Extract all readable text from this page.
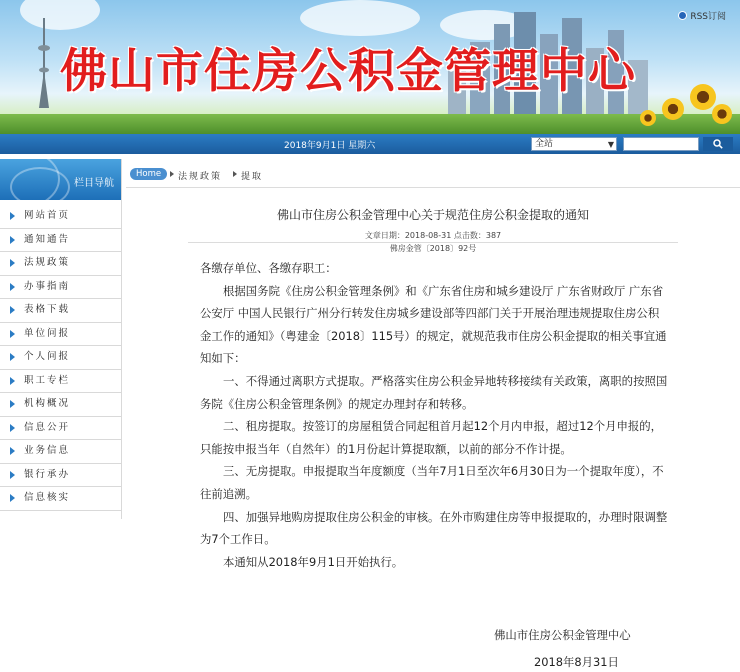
佛山市住房公积金管理中心
RSS订阅
2018年9月1日 星期六	全站	▼
栏目导航
网站首页
通知通告
法规政策
办事指南
表格下载
单位问报
个人问报
职工专栏
机构概况
信息公开
业务信息
银行承办
信息核实
Home	法规政策 提取
佛山市住房公积金管理中心关于规范住房公积金提取的通知
文章日期：2018-08-31 点击数：387
佛房金管〔2018〕92号

各缴存单位、各缴存职工：

根据国务院《住房公积金管理条例》和《广东省住房和城乡建设厅 广东省财政厅 广东省公安厅 中国人民银行广州分行转发住房城乡建设部等四部门关于开展治理违规提取住房公积金工作的通知》（粤建金〔2018〕115号）的规定，就规范我市住房公积金提取的相关事宜通知如下：

一、不得通过离职方式提取。严格落实住房公积金异地转移接续有关政策，离职的按照国务院《住房公积金管理条例》的规定办理封存和转移。

二、租房提取。按签订的房屋租赁合同起租首月起12个月内申报，超过12个月申报的，只能按申报当年（自然年）的1月份起计算提取额，以前的部分不作计提。

三、无房提取。申报提取当年度额度（当年7月1日至次年6月30日为一个提取年度），不往前追溯。

四、加强异地购房提取住房公积金的审核。在外市购建住房等申报提取的，办理时限调整为7个工作日。

本通知从2018年9月1日开始执行。

佛山市住房公积金管理中心
2018年8月31日
